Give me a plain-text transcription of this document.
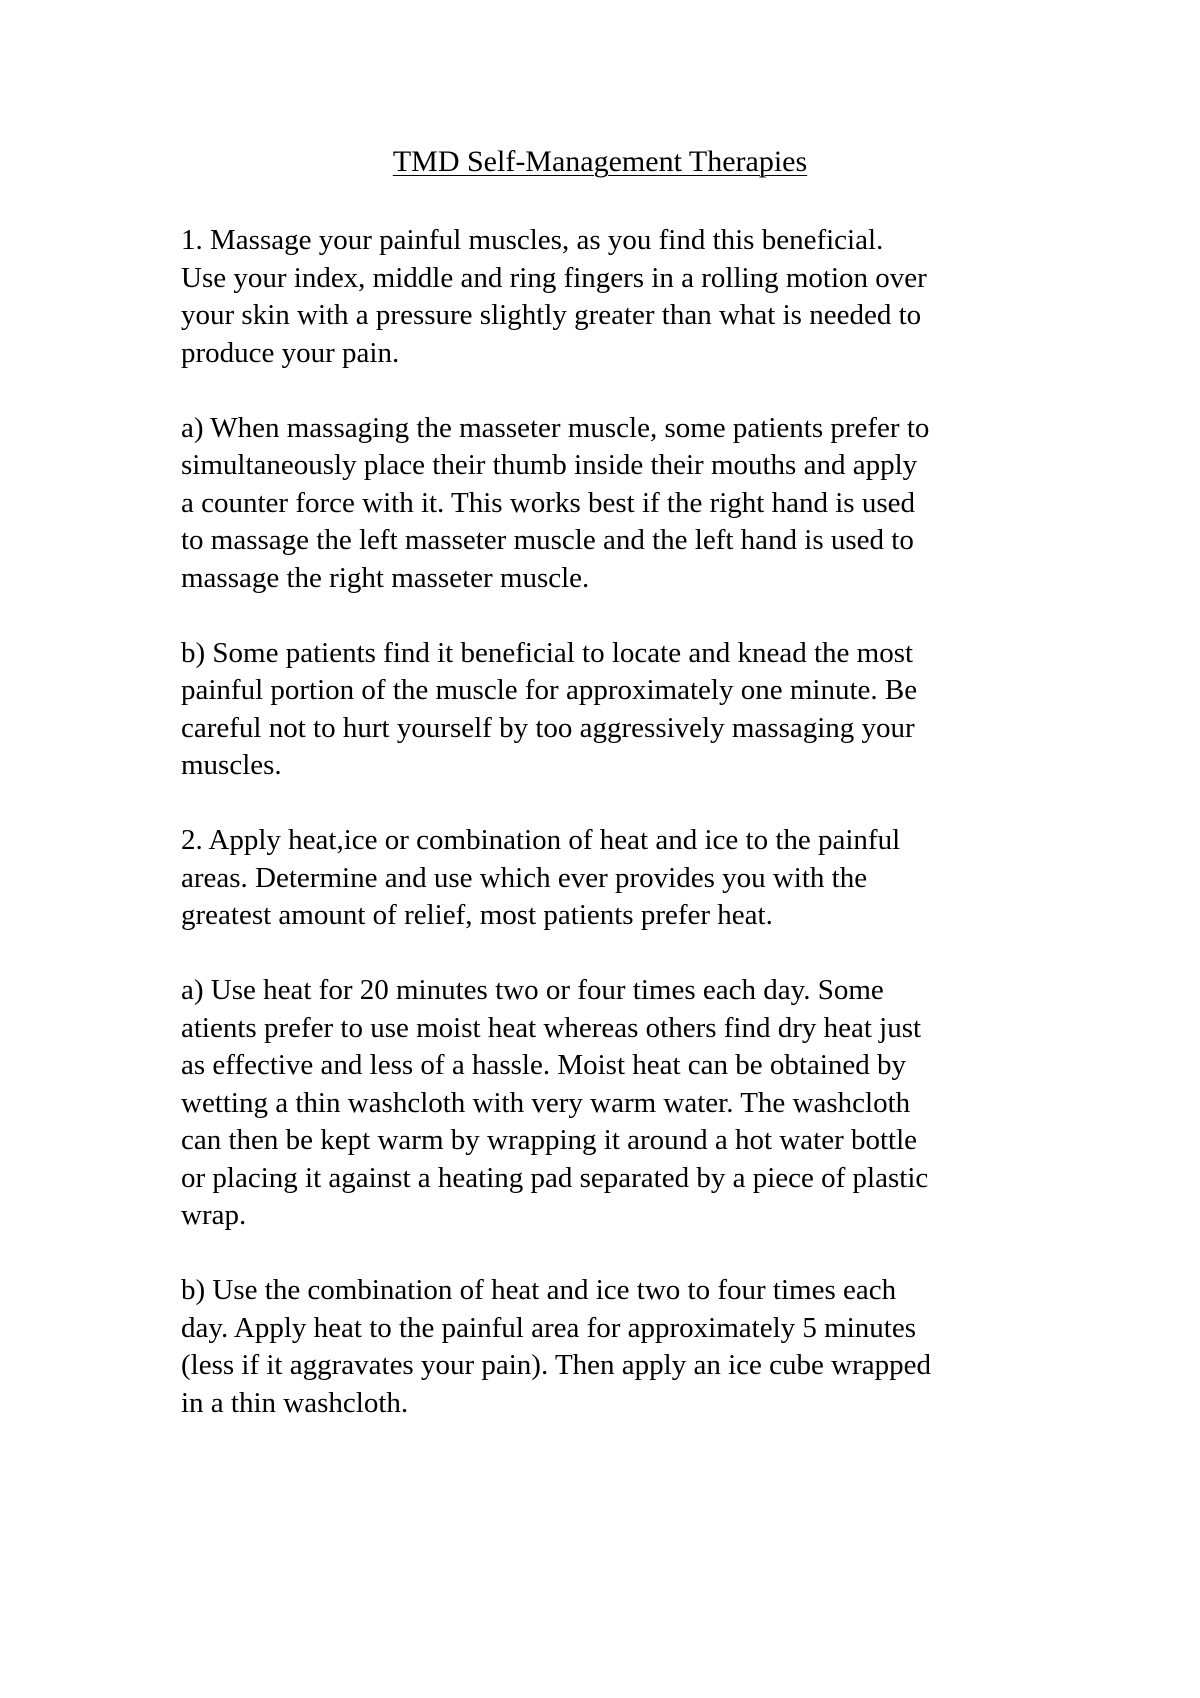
TMD Self-Management Therapies

1. Massage your painful muscles, as you find this beneficial.
Use your index, middle and ring fingers in a rolling motion over
your skin with a pressure slightly greater than what is needed to
produce your pain.

a) When massaging the masseter muscle, some patients prefer to
simultaneously place their thumb inside their mouths and apply
a counter force with it. This works best if the right hand is used
to massage the left masseter muscle and the left hand is used to
massage the right masseter muscle.

b) Some patients find it beneficial to locate and knead the most
painful portion of the muscle for approximately one minute. Be
careful not to hurt yourself by too aggressively massaging your
muscles.

2. Apply heat,ice or combination of heat and ice to the painful
areas. Determine and use which ever provides you with the
greatest amount of relief, most patients prefer heat.

a) Use heat for 20 minutes two or four times each day. Some
atients prefer to use moist heat whereas others find dry heat just
as effective and less of a hassle. Moist heat can be obtained by
wetting a thin washcloth with very warm water. The washcloth
can then be kept warm by wrapping it around a hot water bottle
or placing it against a heating pad separated by a piece of plastic
wrap.

b) Use the combination of heat and ice two to four times each
day. Apply heat to the painful area for approximately 5 minutes
(less if it aggravates your pain). Then apply an ice cube wrapped
in a thin washcloth.
